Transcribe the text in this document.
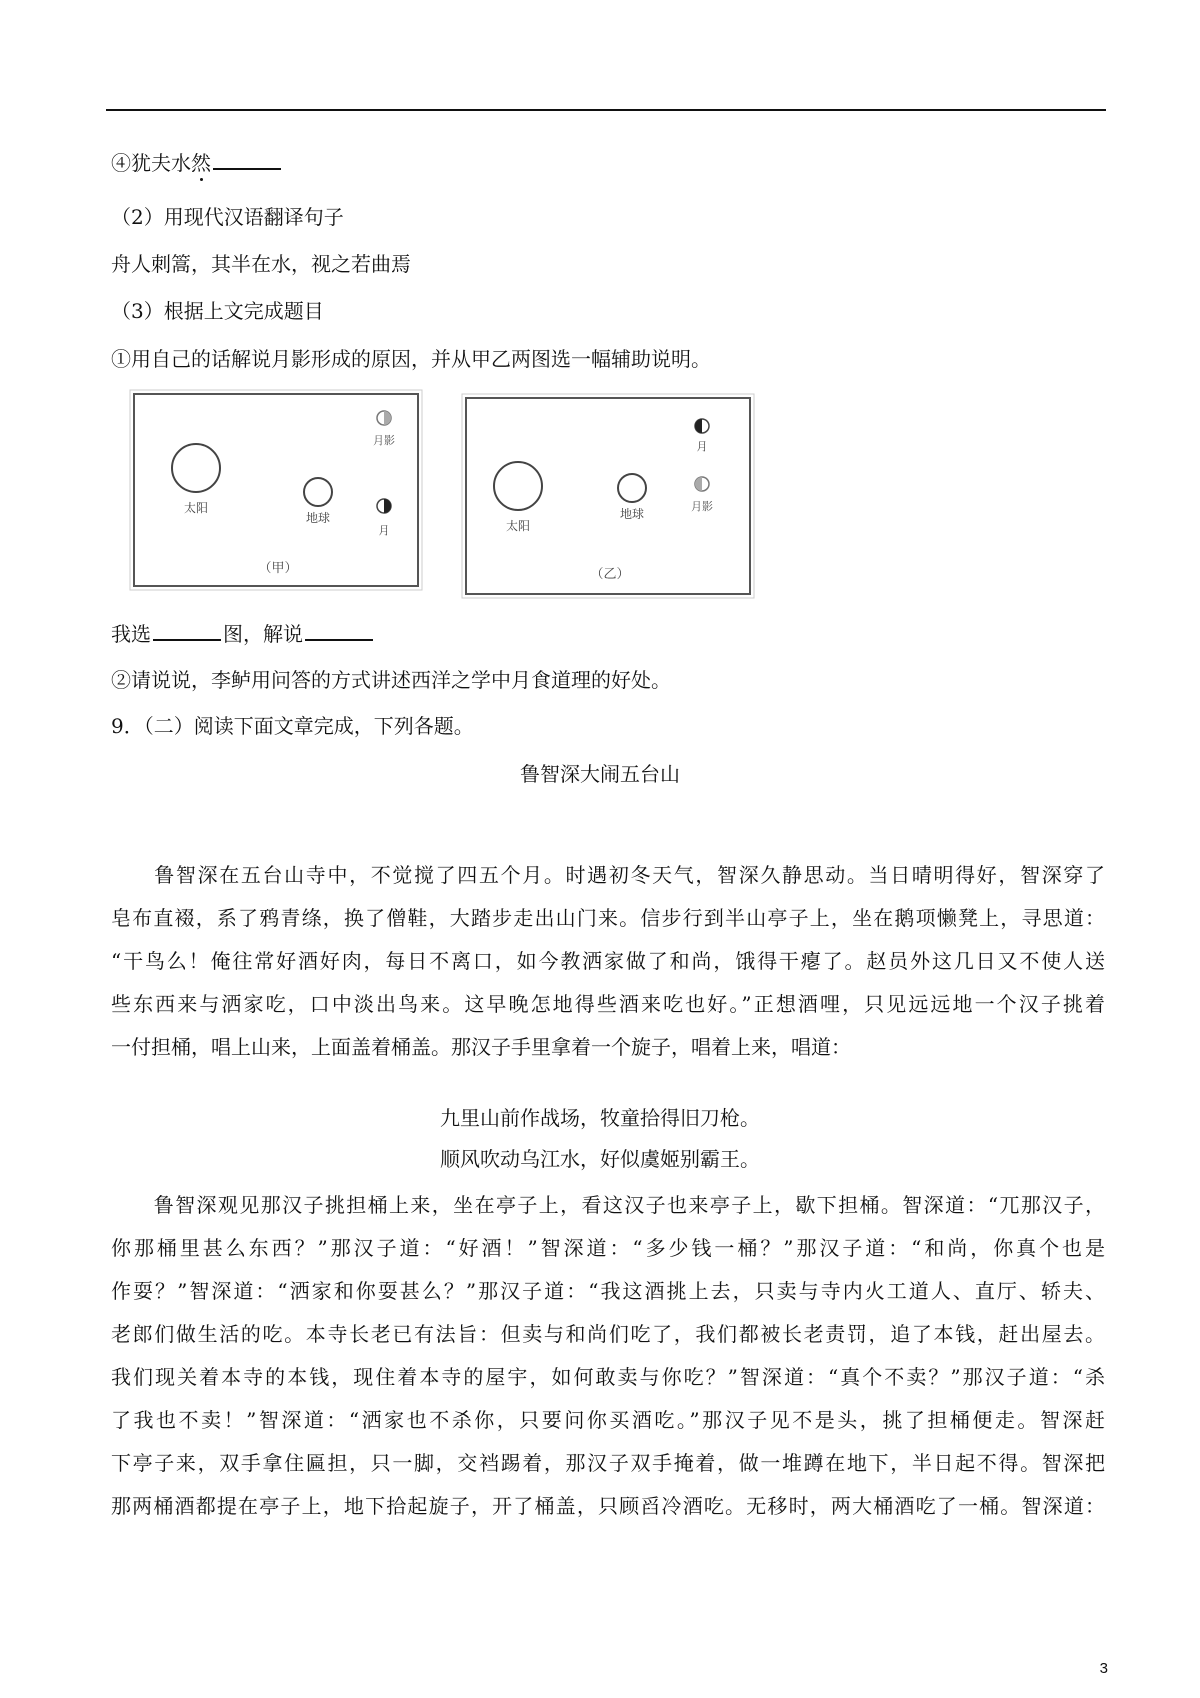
④犹夫水然
（2）用现代汉语翻译句子
舟人刺篙，其半在水，视之若曲焉
（3）根据上文完成题目
①用自己的话解说月影形成的原因，并从甲乙两图选一幅辅助说明。
太阳
地球
月影
月
（甲）
太阳
地球
月
月影
（乙）
我选	图，解说
②请说说，李鲈用问答的方式讲述西洋之学中月食道理的好处。
9．（二）阅读下面文章完成，下列各题。
鲁智深大闹五台山
　　鲁智深在五台山寺中，不觉搅了四五个月。时遇初冬天气，智深久静思动。当日晴明得好，智深穿了
皂布直裰，系了鸦青绦，换了僧鞋，大踏步走出山门来。信步行到半山亭子上，坐在鹅项懒凳上，寻思道：
“干鸟么！俺往常好酒好肉，每日不离口，如今教洒家做了和尚，饿得干瘪了。赵员外这几日又不使人送
些东西来与洒家吃，口中淡出鸟来。这早晚怎地得些酒来吃也好。”正想酒哩，只见远远地一个汉子挑着
一付担桶，唱上山来，上面盖着桶盖。那汉子手里拿着一个旋子，唱着上来，唱道：
九里山前作战场，牧童拾得旧刀枪。
顺风吹动乌江水，好似虞姬别霸王。
　　鲁智深观见那汉子挑担桶上来，坐在亭子上，看这汉子也来亭子上，歇下担桶。智深道：“兀那汉子，
你那桶里甚么东西？”那汉子道：“好酒！”智深道：“多少钱一桶？”那汉子道：“和尚，你真个也是
作耍？”智深道：“洒家和你耍甚么？”那汉子道：“我这酒挑上去，只卖与寺内火工道人、直厅、轿夫、
老郎们做生活的吃。本寺长老已有法旨：但卖与和尚们吃了，我们都被长老责罚，追了本钱，赶出屋去。
我们现关着本寺的本钱，现住着本寺的屋宇，如何敢卖与你吃？”智深道：“真个不卖？”那汉子道：“杀
了我也不卖！”智深道：“洒家也不杀你，只要问你买酒吃。”那汉子见不是头，挑了担桶便走。智深赶
下亭子来，双手拿住匾担，只一脚，交裆踢着，那汉子双手掩着，做一堆蹲在地下，半日起不得。智深把
那两桶酒都提在亭子上，地下拾起旋子，开了桶盖，只顾舀冷酒吃。无移时，两大桶酒吃了一桶。智深道：
3
